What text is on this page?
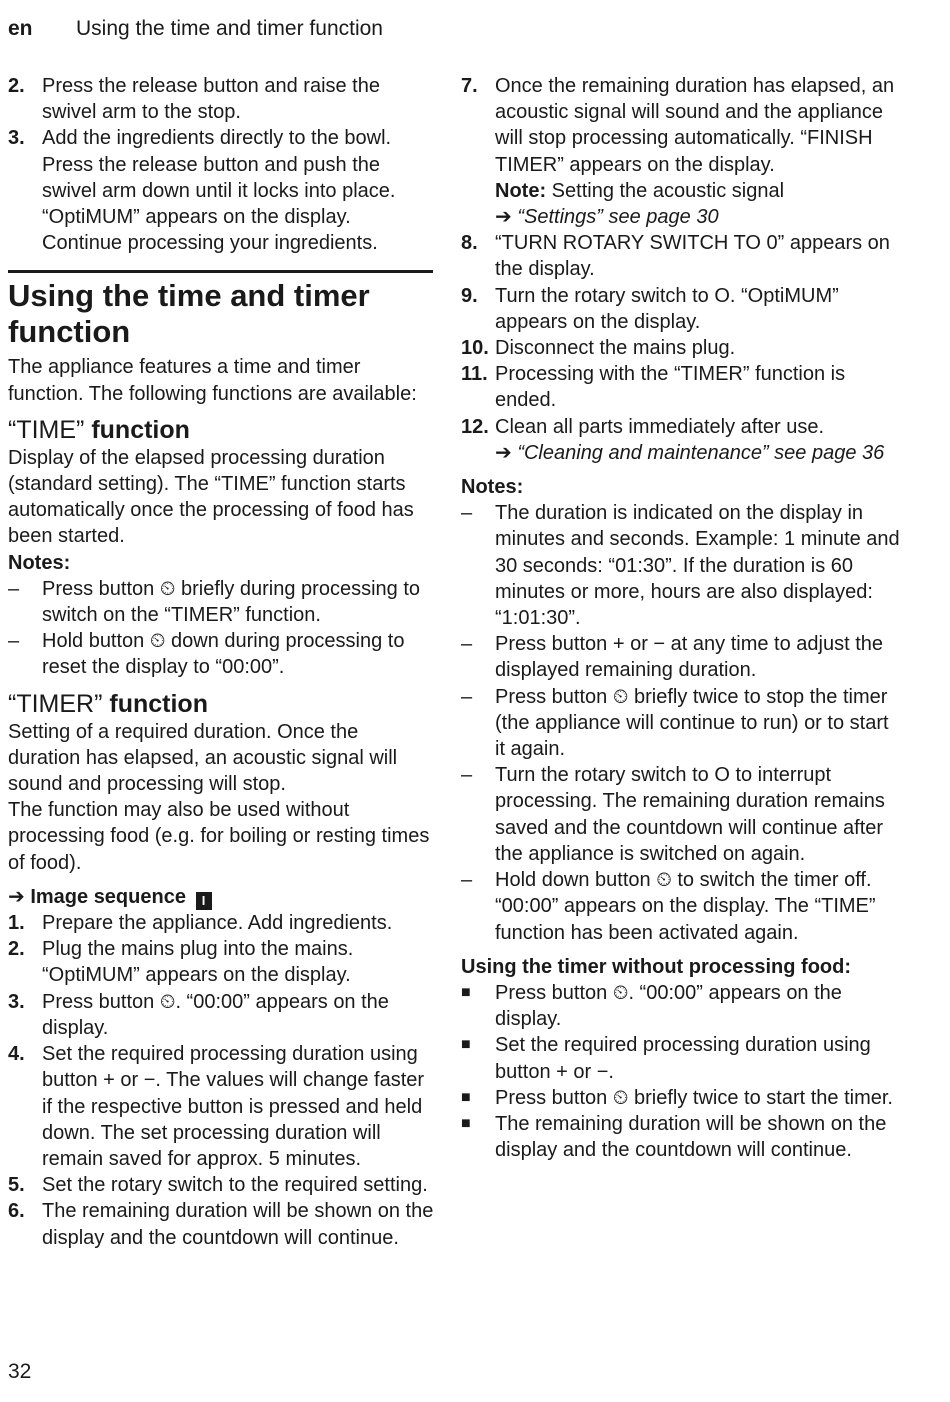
en Using the time and timer function
2. Press the release button and raise the swivel arm to the stop.
3. Add the ingredients directly to the bowl. Press the release button and push the swivel arm down until it locks into place. “OptiMUM” appears on the display. Continue processing your ingredients.
Using the time and timer function
The appliance features a time and timer function. The following functions are available:
“TIME” function
Display of the elapsed processing duration (standard setting). The “TIME” function starts automatically once the processing of food has been started.
Notes:
–	Press button ⏲ briefly during processing to switch on the “TIMER” function.
–	Hold button ⏲ down during processing to reset the display to “00:00”.
“TIMER” function
Setting of a required duration. Once the duration has elapsed, an acoustic signal will sound and processing will stop.
The function may also be used without processing food (e.g. for boiling or resting times of food).
➔ Image sequence I
1. Prepare the appliance. Add ingredients.
2. Plug the mains plug into the mains. “OptiMUM” appears on the display.
3. Press button ⏲. “00:00” appears on the display.
4. Set the required processing duration using button + or −. The values will change faster if the respective button is pressed and held down. The set processing duration will remain saved for approx. 5 minutes.
5. Set the rotary switch to the required setting.
6. The remaining duration will be shown on the display and the countdown will continue.
7. Once the remaining duration has elapsed, an acoustic signal will sound and the appliance will stop processing automatically. “FINISH TIMER” appears on the display.
Note: Setting the acoustic signal
➔ “Settings” see page 30
8. “TURN ROTARY SWITCH TO 0” appears on the display.
9. Turn the rotary switch to O. “OptiMUM” appears on the display.
10. Disconnect the mains plug.
11. Processing with the “TIMER” function is ended.
12. Clean all parts immediately after use.
➔ “Cleaning and maintenance” see page 36
Notes:
–	The duration is indicated on the display in minutes and seconds. Example: 1 minute and 30 seconds: “01:30”. If the duration is 60 minutes or more, hours are also displayed: “1:01:30”.
–	Press button + or − at any time to adjust the displayed remaining duration.
–	Press button ⏲ briefly twice to stop the timer (the appliance will continue to run) or to start it again.
–	Turn the rotary switch to O to interrupt processing. The remaining duration remains saved and the countdown will continue after the appliance is switched on again.
–	Hold down button ⏲ to switch the timer off. “00:00” appears on the display. The “TIME” function has been activated again.
Using the timer without processing food:
■	Press button ⏲. “00:00” appears on the display.
■	Set the required processing duration using button + or −.
■	Press button ⏲ briefly twice to start the timer.
■	The remaining duration will be shown on the display and the countdown will continue.
32
